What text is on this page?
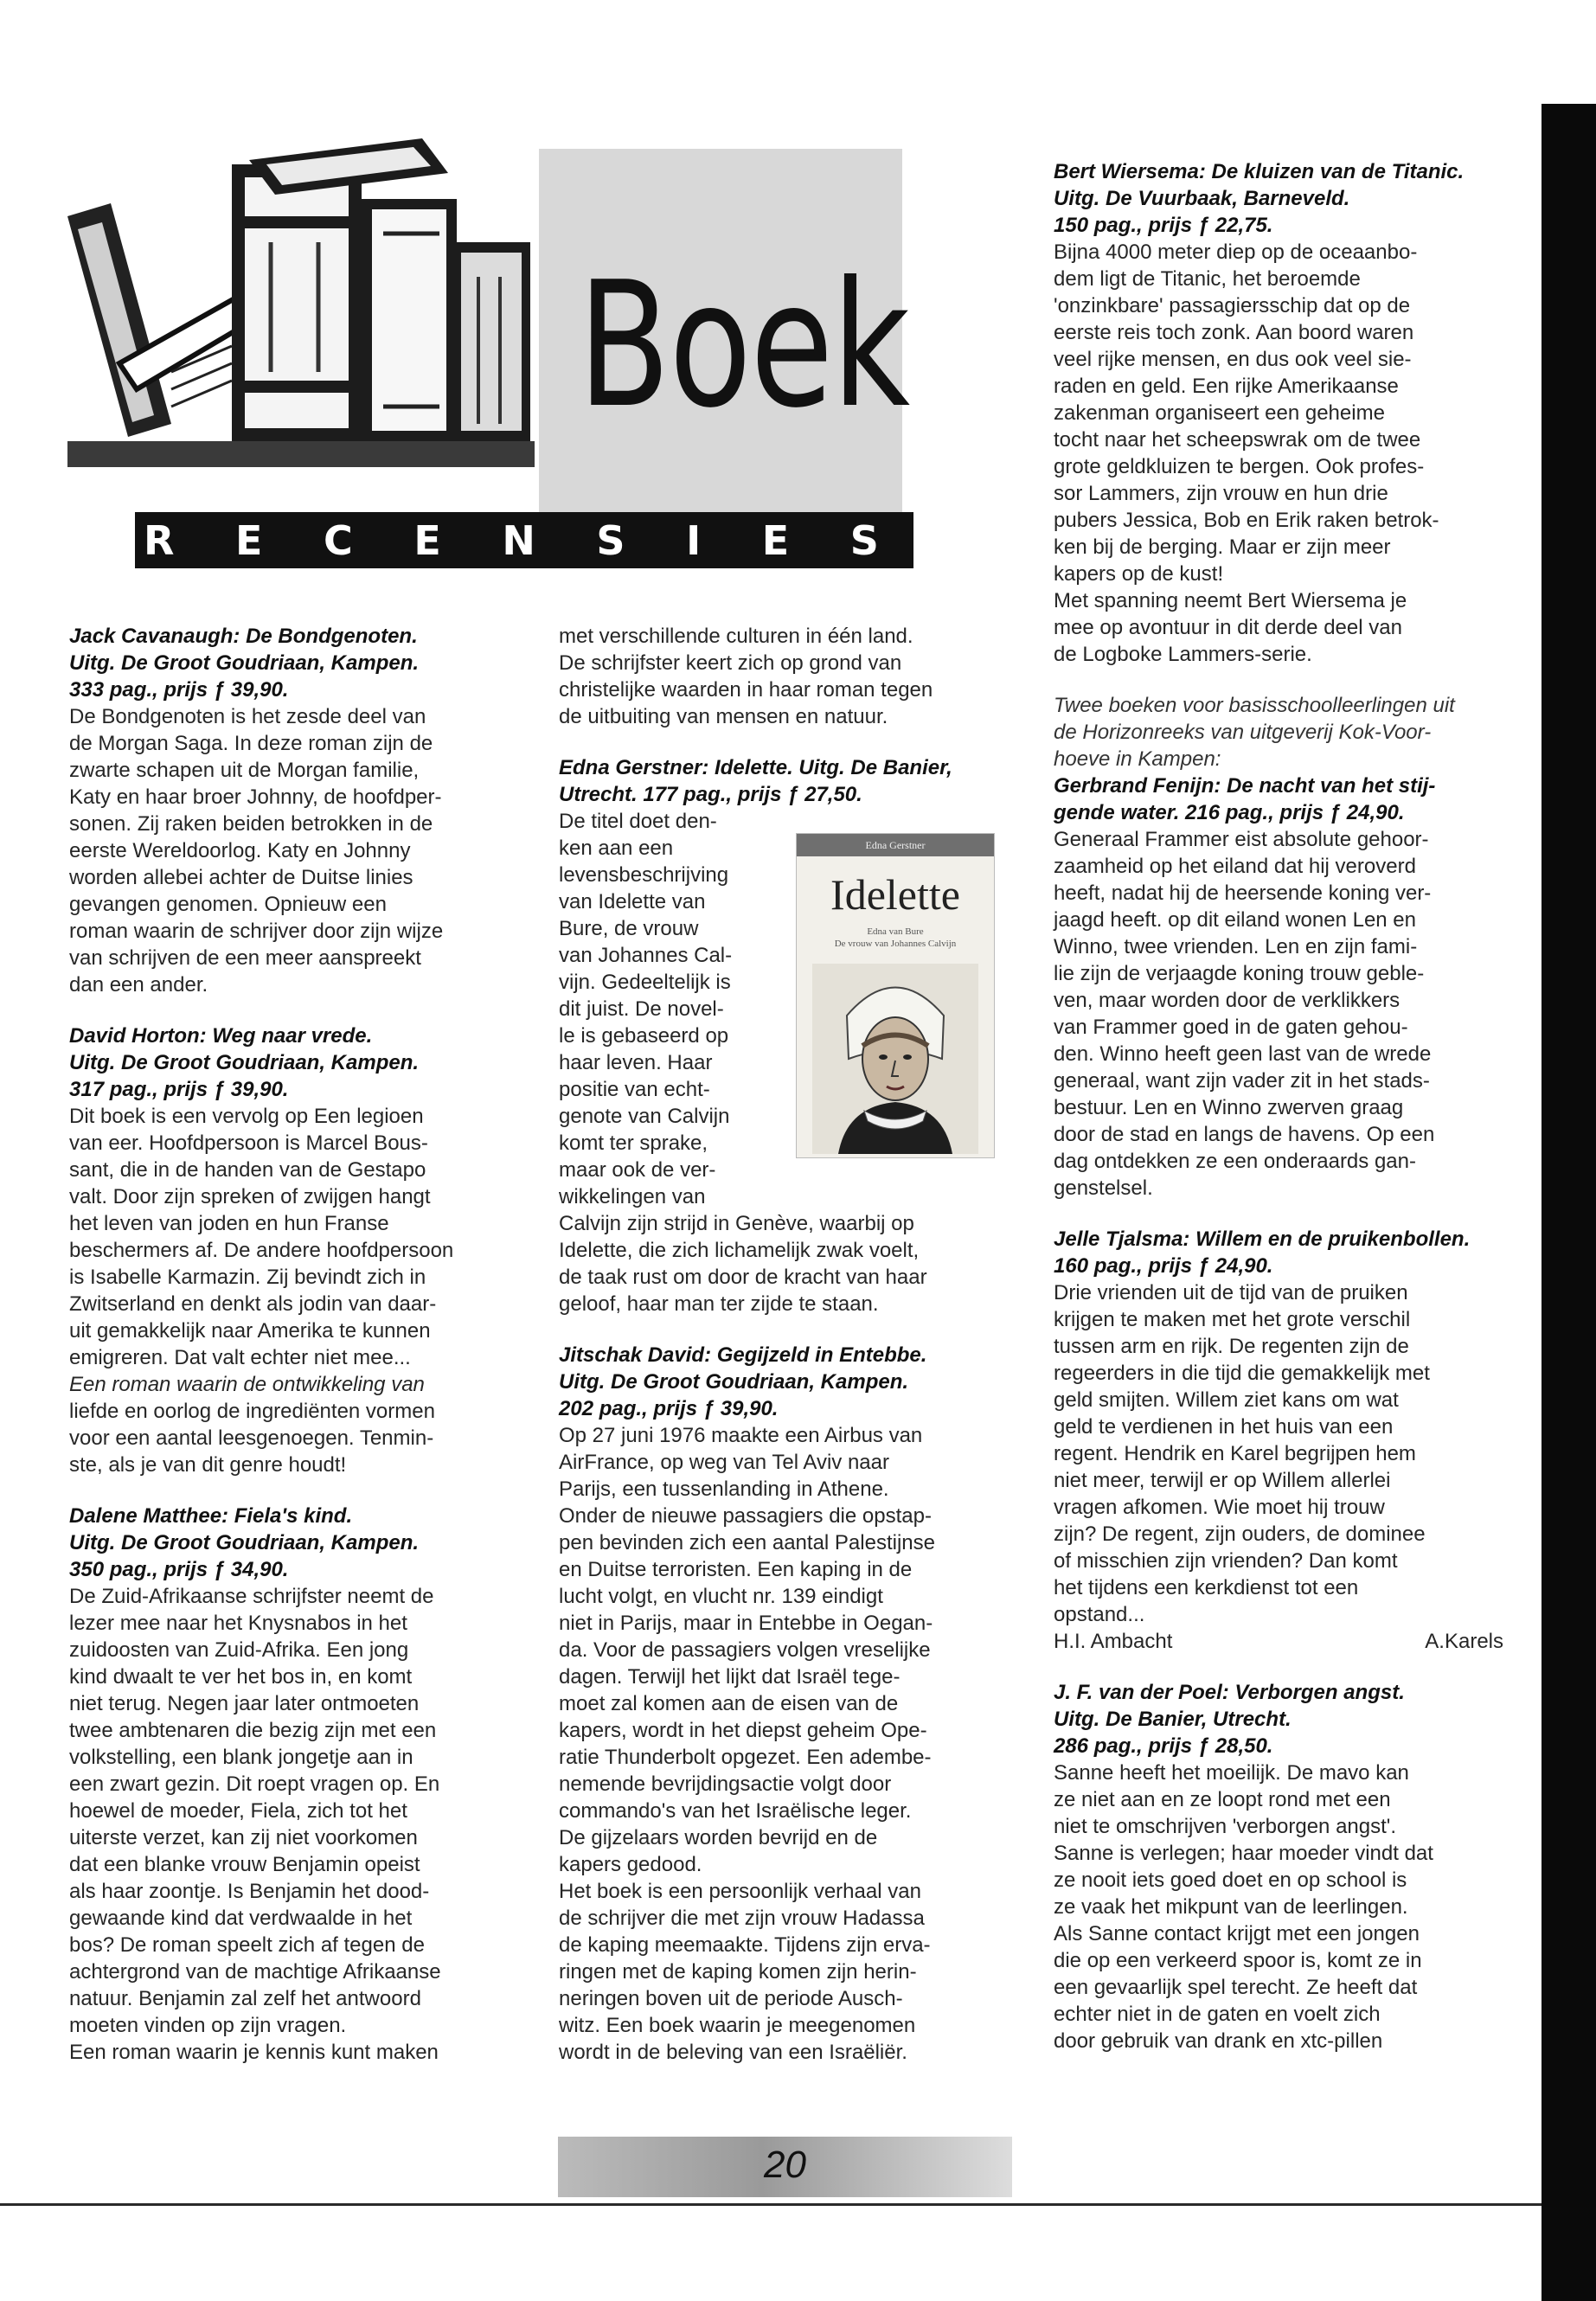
Boek
R E C E N S I E S
Jack Cavanaugh: De Bondgenoten.
Uitg. De Groot Goudriaan, Kampen.
333 pag., prijs ƒ 39,90.
De Bondgenoten is het zesde deel van
de Morgan Saga. In deze roman zijn de
zwarte schapen uit de Morgan familie,
Katy en haar broer Johnny, de hoofdper-
sonen. Zij raken beiden betrokken in de
eerste Wereldoorlog. Katy en Johnny
worden allebei achter de Duitse linies
gevangen genomen. Opnieuw een
roman waarin de schrijver door zijn wijze
van schrijven de een meer aanspreekt
dan een ander.
David Horton: Weg naar vrede.
Uitg. De Groot Goudriaan, Kampen.
317 pag., prijs ƒ 39,90.
Dit boek is een vervolg op Een legioen
van eer. Hoofdpersoon is Marcel Bous-
sant, die in de handen van de Gestapo
valt. Door zijn spreken of zwijgen hangt
het leven van joden en hun Franse
beschermers af. De andere hoofdpersoon
is Isabelle Karmazin. Zij bevindt zich in
Zwitserland en denkt als jodin van daar-
uit gemakkelijk naar Amerika te kunnen
emigreren. Dat valt echter niet mee...
Een roman waarin de ontwikkeling van
liefde en oorlog de ingrediënten vormen
voor een aantal leesgenoegen. Tenmin-
ste, als je van dit genre houdt!
Dalene Matthee: Fiela's kind.
Uitg. De Groot Goudriaan, Kampen.
350 pag., prijs ƒ 34,90.
De Zuid-Afrikaanse schrijfster neemt de
lezer mee naar het Knysnabos in het
zuidoosten van Zuid-Afrika. Een jong
kind dwaalt te ver het bos in, en komt
niet terug. Negen jaar later ontmoeten
twee ambtenaren die bezig zijn met een
volkstelling, een blank jongetje aan in
een zwart gezin. Dit roept vragen op. En
hoewel de moeder, Fiela, zich tot het
uiterste verzet, kan zij niet voorkomen
dat een blanke vrouw Benjamin opeist
als haar zoontje. Is Benjamin het dood-
gewaande kind dat verdwaalde in het
bos? De roman speelt zich af tegen de
achtergrond van de machtige Afrikaanse
natuur. Benjamin zal zelf het antwoord
moeten vinden op zijn vragen.
Een roman waarin je kennis kunt maken
met verschillende culturen in één land.
De schrijfster keert zich op grond van
christelijke waarden in haar roman tegen
de uitbuiting van mensen en natuur.
Edna Gerstner: Idelette. Uitg. De Banier,
Utrecht. 177 pag., prijs ƒ 27,50.
De titel doet den-
ken aan een
levensbeschrijving
van Idelette van
Bure, de vrouw
van Johannes Cal-
vijn. Gedeeltelijk is
dit juist. De novel-
le is gebaseerd op
haar leven. Haar
positie van echt-
genote van Calvijn
komt ter sprake,
maar ook de ver-
wikkelingen van
Calvijn zijn strijd in Genève, waarbij op
Idelette, die zich lichamelijk zwak voelt,
de taak rust om door de kracht van haar
geloof, haar man ter zijde te staan.
Jitschak David: Gegijzeld in Entebbe.
Uitg. De Groot Goudriaan, Kampen.
202 pag., prijs ƒ 39,90.
Op 27 juni 1976 maakte een Airbus van
AirFrance, op weg van Tel Aviv naar
Parijs, een tussenlanding in Athene.
Onder de nieuwe passagiers die opstap-
pen bevinden zich een aantal Palestijnse
en Duitse terroristen. Een kaping in de
lucht volgt, en vlucht nr. 139 eindigt
niet in Parijs, maar in Entebbe in Oegan-
da. Voor de passagiers volgen vreselijke
dagen. Terwijl het lijkt dat Israël tege-
moet zal komen aan de eisen van de
kapers, wordt in het diepst geheim Ope-
ratie Thunderbolt opgezet. Een adembe-
nemende bevrijdingsactie volgt door
commando's van het Israëlische leger.
De gijzelaars worden bevrijd en de
kapers gedood.
Het boek is een persoonlijk verhaal van
de schrijver die met zijn vrouw Hadassa
de kaping meemaakte. Tijdens zijn erva-
ringen met de kaping komen zijn herin-
neringen boven uit de periode Ausch-
witz. Een boek waarin je meegenomen
wordt in de beleving van een Israëliër.
Edna Gerstner
Idelette
Edna van Bure
De vrouw van Johannes Calvijn
Bert Wiersema: De kluizen van de Titanic.
Uitg. De Vuurbaak, Barneveld.
150 pag., prijs ƒ 22,75.
Bijna 4000 meter diep op de oceaanbo-
dem ligt de Titanic, het beroemde
'onzinkbare' passagiersschip dat op de
eerste reis toch zonk. Aan boord waren
veel rijke mensen, en dus ook veel sie-
raden en geld. Een rijke Amerikaanse
zakenman organiseert een geheime
tocht naar het scheepswrak om de twee
grote geldkluizen te bergen. Ook profes-
sor Lammers, zijn vrouw en hun drie
pubers Jessica, Bob en Erik raken betrok-
ken bij de berging. Maar er zijn meer
kapers op de kust!
Met spanning neemt Bert Wiersema je
mee op avontuur in dit derde deel van
de Logboke Lammers-serie.
Twee boeken voor basisschoolleerlingen uit
de Horizonreeks van uitgeverij Kok-Voor-
hoeve in Kampen:
Gerbrand Fenijn: De nacht van het stij-
gende water. 216 pag., prijs ƒ 24,90.
Generaal Frammer eist absolute gehoor-
zaamheid op het eiland dat hij veroverd
heeft, nadat hij de heersende koning ver-
jaagd heeft. op dit eiland wonen Len en
Winno, twee vrienden. Len en zijn fami-
lie zijn de verjaagde koning trouw geble-
ven, maar worden door de verklikkers
van Frammer goed in de gaten gehou-
den. Winno heeft geen last van de wrede
generaal, want zijn vader zit in het stads-
bestuur. Len en Winno zwerven graag
door de stad en langs de havens. Op een
dag ontdekken ze een onderaards gan-
genstelsel.
Jelle Tjalsma: Willem en de pruikenbollen.
160 pag., prijs ƒ 24,90.
Drie vrienden uit de tijd van de pruiken
krijgen te maken met het grote verschil
tussen arm en rijk. De regenten zijn de
regeerders in die tijd die gemakkelijk met
geld smijten. Willem ziet kans om wat
geld te verdienen in het huis van een
regent. Hendrik en Karel begrijpen hem
niet meer, terwijl er op Willem allerlei
vragen afkomen. Wie moet hij trouw
zijn? De regent, zijn ouders, de dominee
of misschien zijn vrienden? Dan komt
het tijdens een kerkdienst tot een
opstand...
H.I. Ambacht	A.Karels
J. F. van der Poel: Verborgen angst.
Uitg. De Banier, Utrecht.
286 pag., prijs ƒ 28,50.
Sanne heeft het moeilijk. De mavo kan
ze niet aan en ze loopt rond met een
niet te omschrijven 'verborgen angst'.
Sanne is verlegen; haar moeder vindt dat
ze nooit iets goed doet en op school is
ze vaak het mikpunt van de leerlingen.
Als Sanne contact krijgt met een jongen
die op een verkeerd spoor is, komt ze in
een gevaarlijk spel terecht. Ze heeft dat
echter niet in de gaten en voelt zich
door gebruik van drank en xtc-pillen
20
